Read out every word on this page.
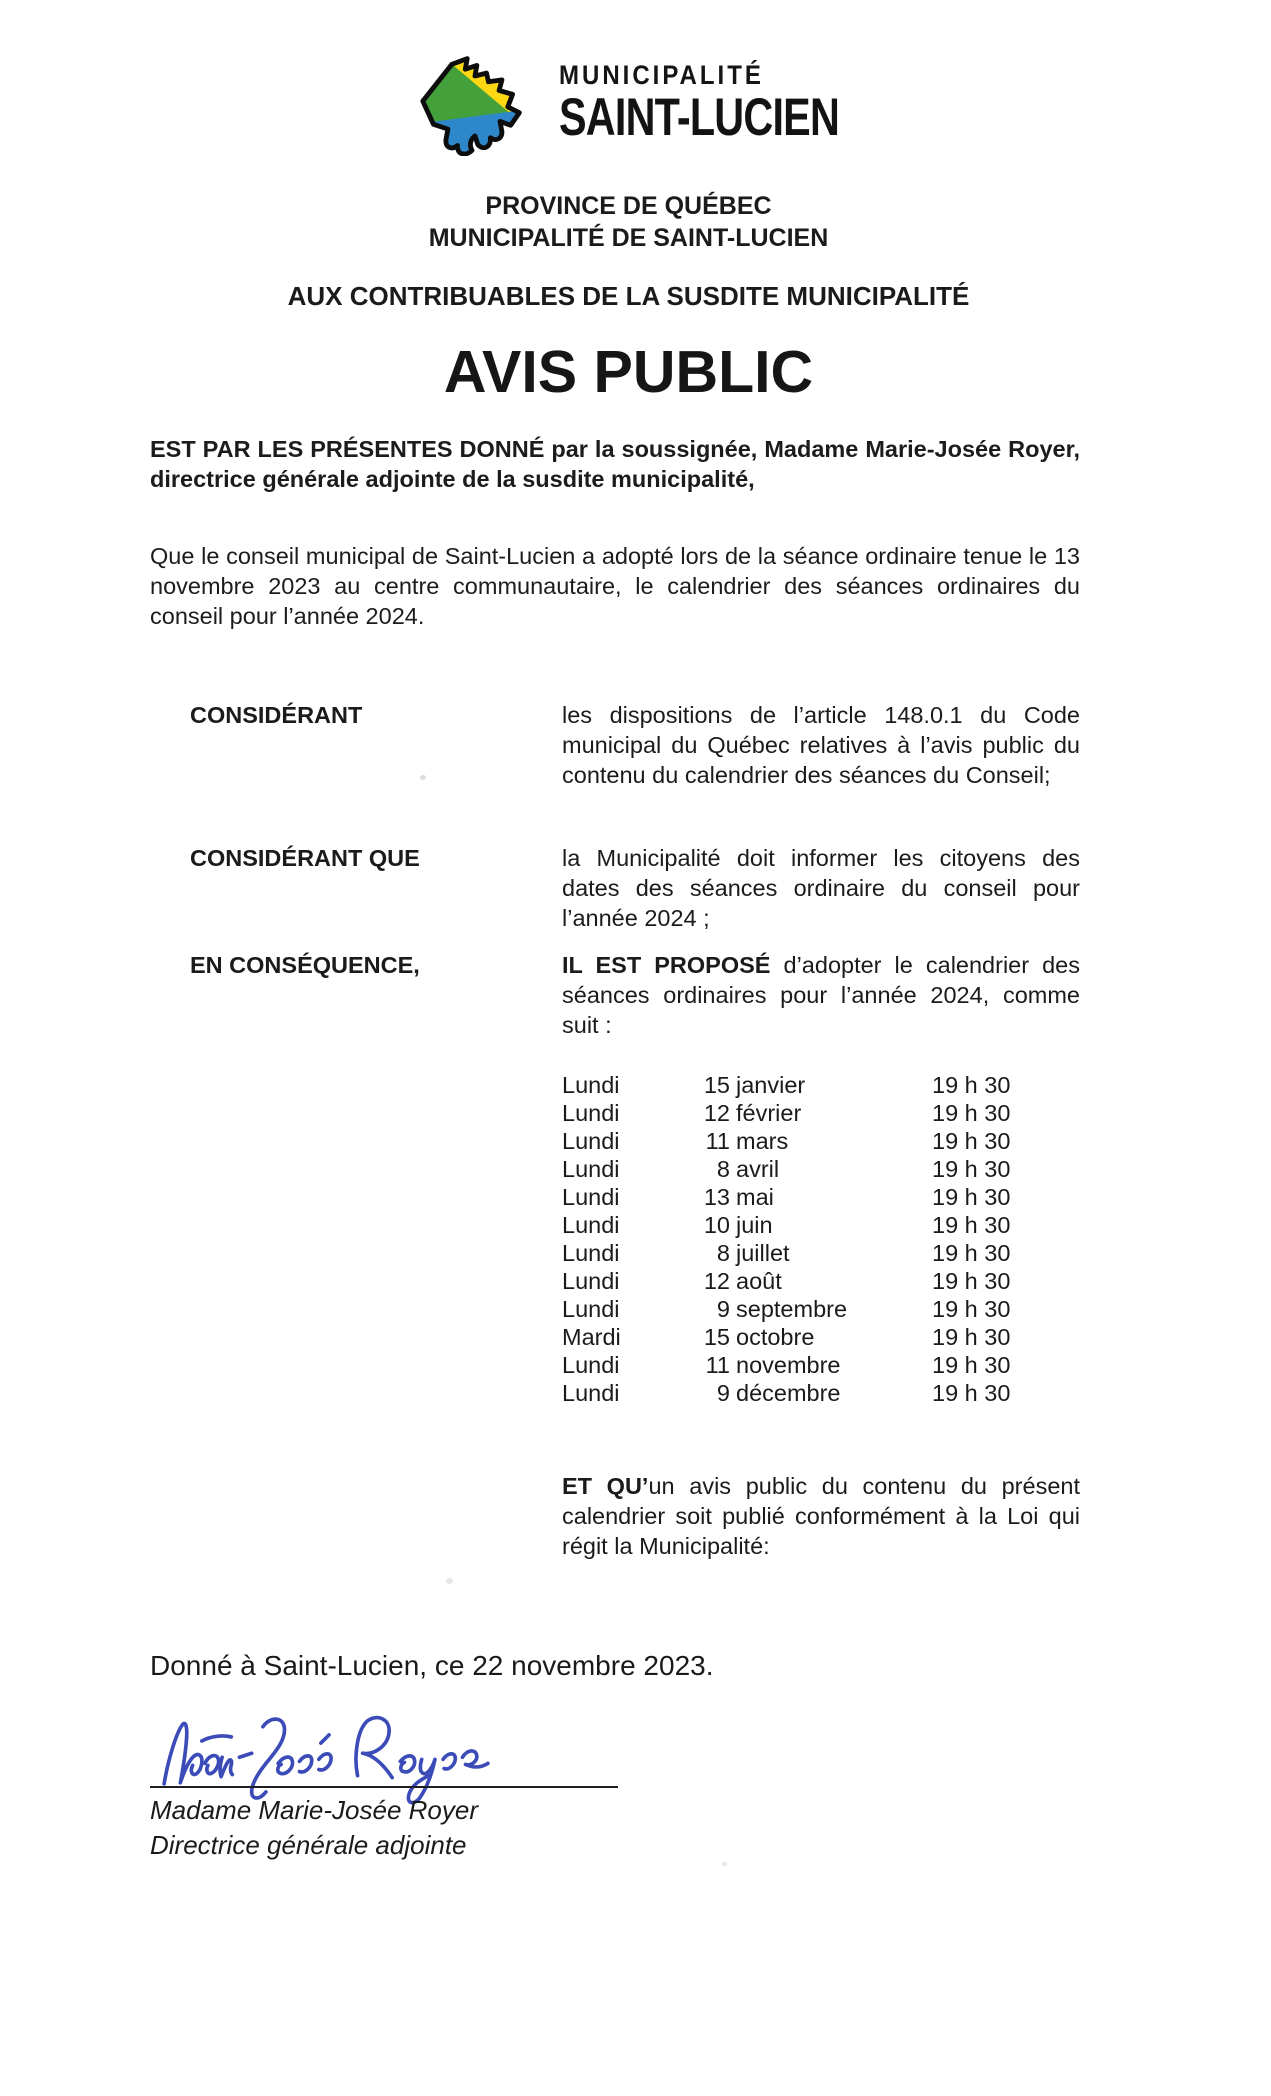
MUNICIPALITÉ
SAINT-LUCIEN
PROVINCE DE QUÉBEC
MUNICIPALITÉ DE SAINT-LUCIEN
AUX CONTRIBUABLES DE LA SUSDITE MUNICIPALITÉ
AVIS PUBLIC
EST PAR LES PRÉSENTES DONNÉ par la soussignée, Madame Marie-Josée Royer, directrice générale adjointe de la susdite municipalité,
Que le conseil municipal de Saint-Lucien a adopté lors de la séance ordinaire tenue le 13 novembre 2023 au centre communautaire, le calendrier des séances ordinaires du conseil pour l’année 2024.
CONSIDÉRANT	les dispositions de l’article 148.0.1 du Code municipal du Québec relatives à l’avis public du contenu du calendrier des séances du Conseil;
CONSIDÉRANT QUE	la Municipalité doit informer les citoyens des dates des séances ordinaire du conseil pour l’année 2024 ;
EN CONSÉQUENCE,	IL EST PROPOSÉ d’adopter le calendrier des séances ordinaires pour l’année 2024, comme suit :
Lundi	15 janvier	19 h 30
Lundi	12 février	19 h 30
Lundi	11 mars	19 h 30
Lundi	8 avril	19 h 30
Lundi	13 mai	19 h 30
Lundi	10 juin	19 h 30
Lundi	8 juillet	19 h 30
Lundi	12 août	19 h 30
Lundi	9 septembre	19 h 30
Mardi	15 octobre	19 h 30
Lundi	11 novembre	19 h 30
Lundi	9 décembre	19 h 30
ET QU’un avis public du contenu du présent calendrier soit publié conformément à la Loi qui régit la Municipalité:
Donné à Saint-Lucien, ce 22 novembre 2023.
Madame Marie-Josée Royer
Directrice générale adjointe
